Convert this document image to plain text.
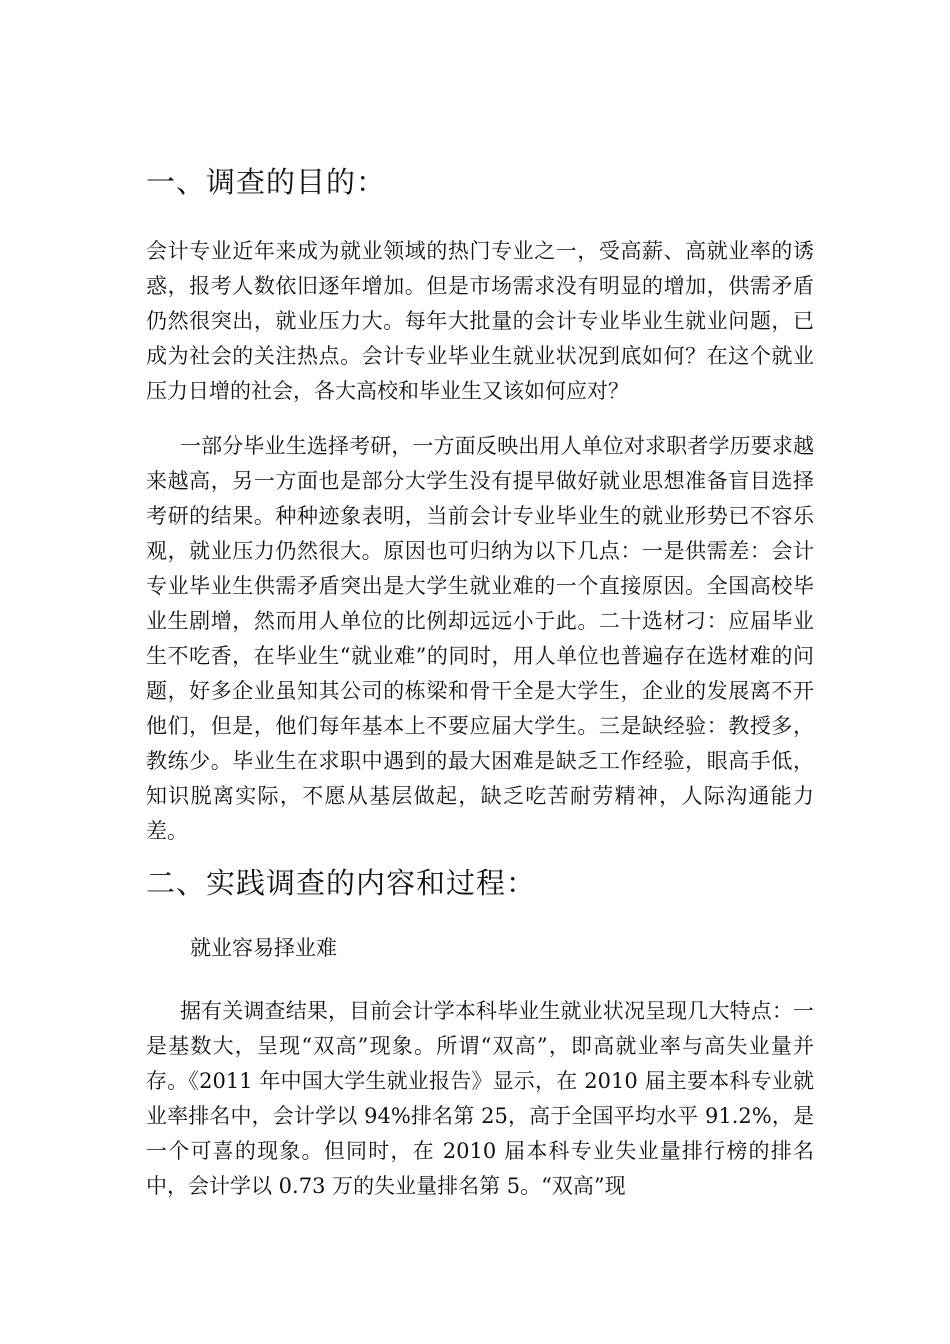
一、调查的目的：

会计专业近年来成为就业领域的热门专业之一，受高薪、高就业率的诱惑，报考人数依旧逐年增加。但是市场需求没有明显的增加，供需矛盾仍然很突出，就业压力大。每年大批量的会计专业毕业生就业问题，已成为社会的关注热点。会计专业毕业生就业状况到底如何？在这个就业压力日增的社会，各大高校和毕业生又该如何应对？

一部分毕业生选择考研，一方面反映出用人单位对求职者学历要求越来越高，另一方面也是部分大学生没有提早做好就业思想准备盲目选择考研的结果。种种迹象表明，当前会计专业毕业生的就业形势已不容乐观，就业压力仍然很大。原因也可归纳为以下几点：一是供需差：会计专业毕业生供需矛盾突出是大学生就业难的一个直接原因。全国高校毕业生剧增，然而用人单位的比例却远远小于此。二十选材刁：应届毕业生不吃香，在毕业生“就业难”的同时，用人单位也普遍存在选材难的问题，好多企业虽知其公司的栋梁和骨干全是大学生，企业的发展离不开他们，但是，他们每年基本上不要应届大学生。三是缺经验：教授多，教练少。毕业生在求职中遇到的最大困难是缺乏工作经验，眼高手低，知识脱离实际，不愿从基层做起，缺乏吃苦耐劳精神，人际沟通能力差。

二、实践调查的内容和过程：

就业容易择业难

据有关调查结果，目前会计学本科毕业生就业状况呈现几大特点：一是基数大，呈现“双高”现象。所谓“双高”，即高就业率与高失业量并存。《2011 年中国大学生就业报告》显示，在 2010 届主要本科专业就业率排名中，会计学以 94%排名第 25，高于全国平均水平 91.2%，是一个可喜的现象。但同时，在 2010 届本科专业失业量排行榜的排名中，会计学以 0.73 万的失业量排名第 5。“双高”现
